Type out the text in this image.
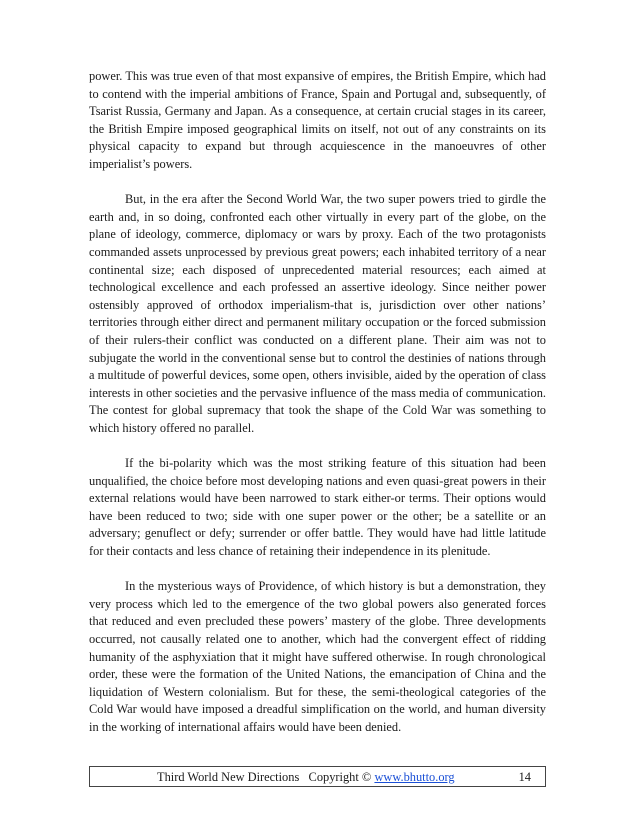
power. This was true even of that most expansive of empires, the British Empire, which had to contend with the imperial ambitions of France, Spain and Portugal and, subsequently, of Tsarist Russia, Germany and Japan. As a consequence, at certain crucial stages in its career, the British Empire imposed geographical limits on itself, not out of any constraints on its physical capacity to expand but through acquiescence in the manoeuvres of other imperialist’s powers.

But, in the era after the Second World War, the two super powers tried to girdle the earth and, in so doing, confronted each other virtually in every part of the globe, on the plane of ideology, commerce, diplomacy or wars by proxy. Each of the two protagonists commanded assets unprocessed by previous great powers; each inhabited territory of a near continental size; each disposed of unprecedented material resources; each aimed at technological excellence and each professed an assertive ideology. Since neither power ostensibly approved of orthodox imperialism-that is, jurisdiction over other nations’ territories through either direct and permanent military occupation or the forced submission of their rulers-their conflict was conducted on a different plane. Their aim was not to subjugate the world in the conventional sense but to control the destinies of nations through a multitude of powerful devices, some open, others invisible, aided by the operation of class interests in other societies and the pervasive influence of the mass media of communication. The contest for global supremacy that took the shape of the Cold War was something to which history offered no parallel.

If the bi-polarity which was the most striking feature of this situation had been unqualified, the choice before most developing nations and even quasi-great powers in their external relations would have been narrowed to stark either-or terms. Their options would have been reduced to two; side with one super power or the other; be a satellite or an adversary; genuflect or defy; surrender or offer battle. They would have had little latitude for their contacts and less chance of retaining their independence in its plenitude.

In the mysterious ways of Providence, of which history is but a demonstration, they very process which led to the emergence of the two global powers also generated forces that reduced and even precluded these powers’ mastery of the globe. Three developments occurred, not causally related one to another, which had the convergent effect of ridding humanity of the asphyxiation that it might have suffered otherwise. In rough chronological order, these were the formation of the United Nations, the emancipation of China and the liquidation of Western colonialism. But for these, the semi-theological categories of the Cold War would have imposed a dreadful simplification on the world, and human diversity in the working of international affairs would have been denied.

Third World New Directions   Copyright © www.bhutto.org	14
